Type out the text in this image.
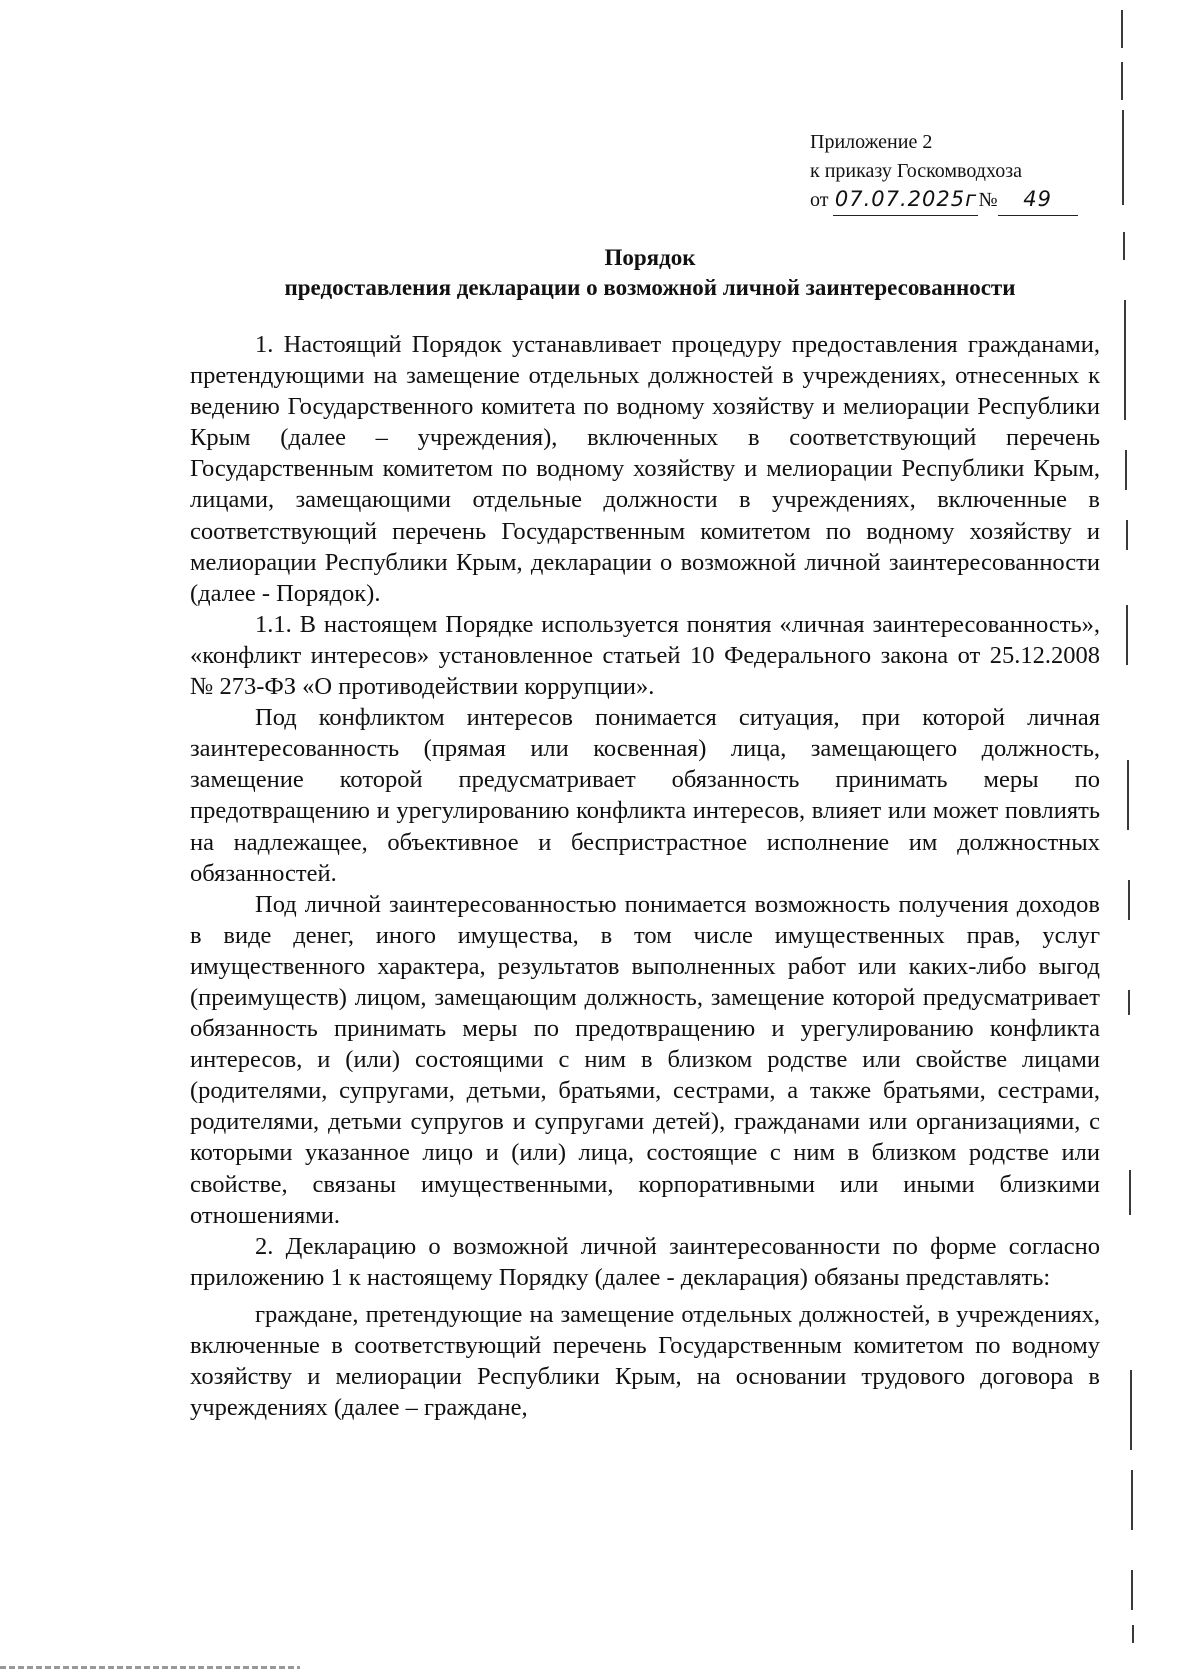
Приложение 2
к приказу Госкомводхоза
от 07.07.2025г№ 49
Порядок
предоставления декларации о возможной личной заинтересованности

1. Настоящий Порядок устанавливает процедуру предоставления гражданами, претендующими на замещение отдельных должностей в учреждениях, отнесенных к ведению Государственного комитета по водному хозяйству и мелиорации Республики Крым (далее – учреждения), включенных в соответствующий перечень Государственным комитетом по водному хозяйству и мелиорации Республики Крым, лицами, замещающими отдельные должности в учреждениях, включенные в соответствующий перечень Государственным комитетом по водному хозяйству и мелиорации Республики Крым, декларации о возможной личной заинтересованности (далее - Порядок).

1.1. В настоящем Порядке используется понятия «личная заинтересованность», «конфликт интересов» установленное статьей 10 Федерального закона от 25.12.2008 № 273-ФЗ «О противодействии коррупции».

Под конфликтом интересов понимается ситуация, при которой личная заинтересованность (прямая или косвенная) лица, замещающего должность, замещение которой предусматривает обязанность принимать меры по предотвращению и урегулированию конфликта интересов, влияет или может повлиять на надлежащее, объективное и беспристрастное исполнение им должностных обязанностей.

Под личной заинтересованностью понимается возможность получения доходов в виде денег, иного имущества, в том числе имущественных прав, услуг имущественного характера, результатов выполненных работ или каких-либо выгод (преимуществ) лицом, замещающим должность, замещение которой предусматривает обязанность принимать меры по предотвращению и урегулированию конфликта интересов, и (или) состоящими с ним в близком родстве или свойстве лицами (родителями, супругами, детьми, братьями, сестрами, а также братьями, сестрами, родителями, детьми супругов и супругами детей), гражданами или организациями, с которыми указанное лицо и (или) лица, состоящие с ним в близком родстве или свойстве, связаны имущественными, корпоративными или иными близкими отношениями.

2. Декларацию о возможной личной заинтересованности по форме согласно приложению 1 к настоящему Порядку (далее - декларация) обязаны представлять:

граждане, претендующие на замещение отдельных должностей, в учреждениях, включенные в соответствующий перечень Государственным комитетом по водному хозяйству и мелиорации Республики Крым, на основании трудового договора в учреждениях (далее – граждане,
